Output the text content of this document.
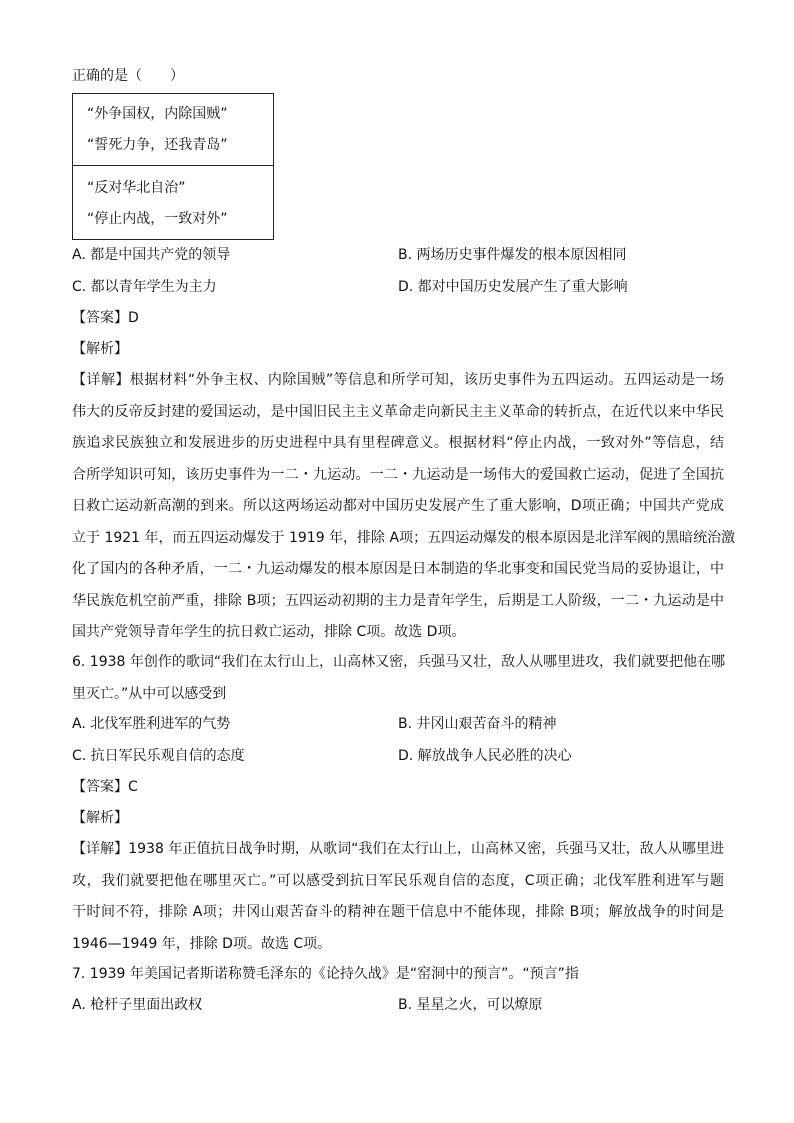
正确的是（　　）
“外争国权，内除国贼”
“誓死力争，还我青岛”
“反对华北自治”
“停止内战，一致对外”
A. 都是中国共产党的领导	B. 两场历史事件爆发的根本原因相同
C. 都以青年学生为主力	D. 都对中国历史发展产生了重大影响
【答案】D
【解析】
【详解】根据材料“外争主权、内除国贼”等信息和所学可知，该历史事件为五四运动。五四运动是一场
伟大的反帝反封建的爱国运动，是中国旧民主主义革命走向新民主主义革命的转折点，在近代以来中华民
族追求民族独立和发展进步的历史进程中具有里程碑意义。根据材料“停止内战，一致对外”等信息，结
合所学知识可知，该历史事件为一二・九运动。一二・九运动是一场伟大的爱国救亡运动，促进了全国抗
日救亡运动新高潮的到来。所以这两场运动都对中国历史发展产生了重大影响，D项正确；中国共产党成
立于 1921 年，而五四运动爆发于 1919 年，排除 A项；五四运动爆发的根本原因是北洋军阀的黑暗统治激
化了国内的各种矛盾，一二・九运动爆发的根本原因是日本制造的华北事变和国民党当局的妥协退让，中
华民族危机空前严重，排除 B项；五四运动初期的主力是青年学生，后期是工人阶级，一二・九运动是中
国共产党领导青年学生的抗日救亡运动，排除 C项。故选 D项。
6. 1938 年创作的歌词“我们在太行山上，山高林又密，兵强马又壮，敌人从哪里进攻，我们就要把他在哪
里灭亡。”从中可以感受到
A. 北伐军胜利进军的气势	B. 井冈山艰苦奋斗的精神
C. 抗日军民乐观自信的态度	D. 解放战争人民必胜的决心
【答案】C
【解析】
【详解】1938 年正值抗日战争时期，从歌词“我们在太行山上，山高林又密，兵强马又壮，敌人从哪里进
攻，我们就要把他在哪里灭亡。”可以感受到抗日军民乐观自信的态度，C项正确；北伐军胜利进军与题
干时间不符，排除 A项；井冈山艰苦奋斗的精神在题干信息中不能体现，排除 B项；解放战争的时间是
1946—1949 年，排除 D项。故选 C项。
7. 1939 年美国记者斯诺称赞毛泽东的《论持久战》是“窑洞中的预言”。“预言”指
A. 枪杆子里面出政权	B. 星星之火，可以燎原
